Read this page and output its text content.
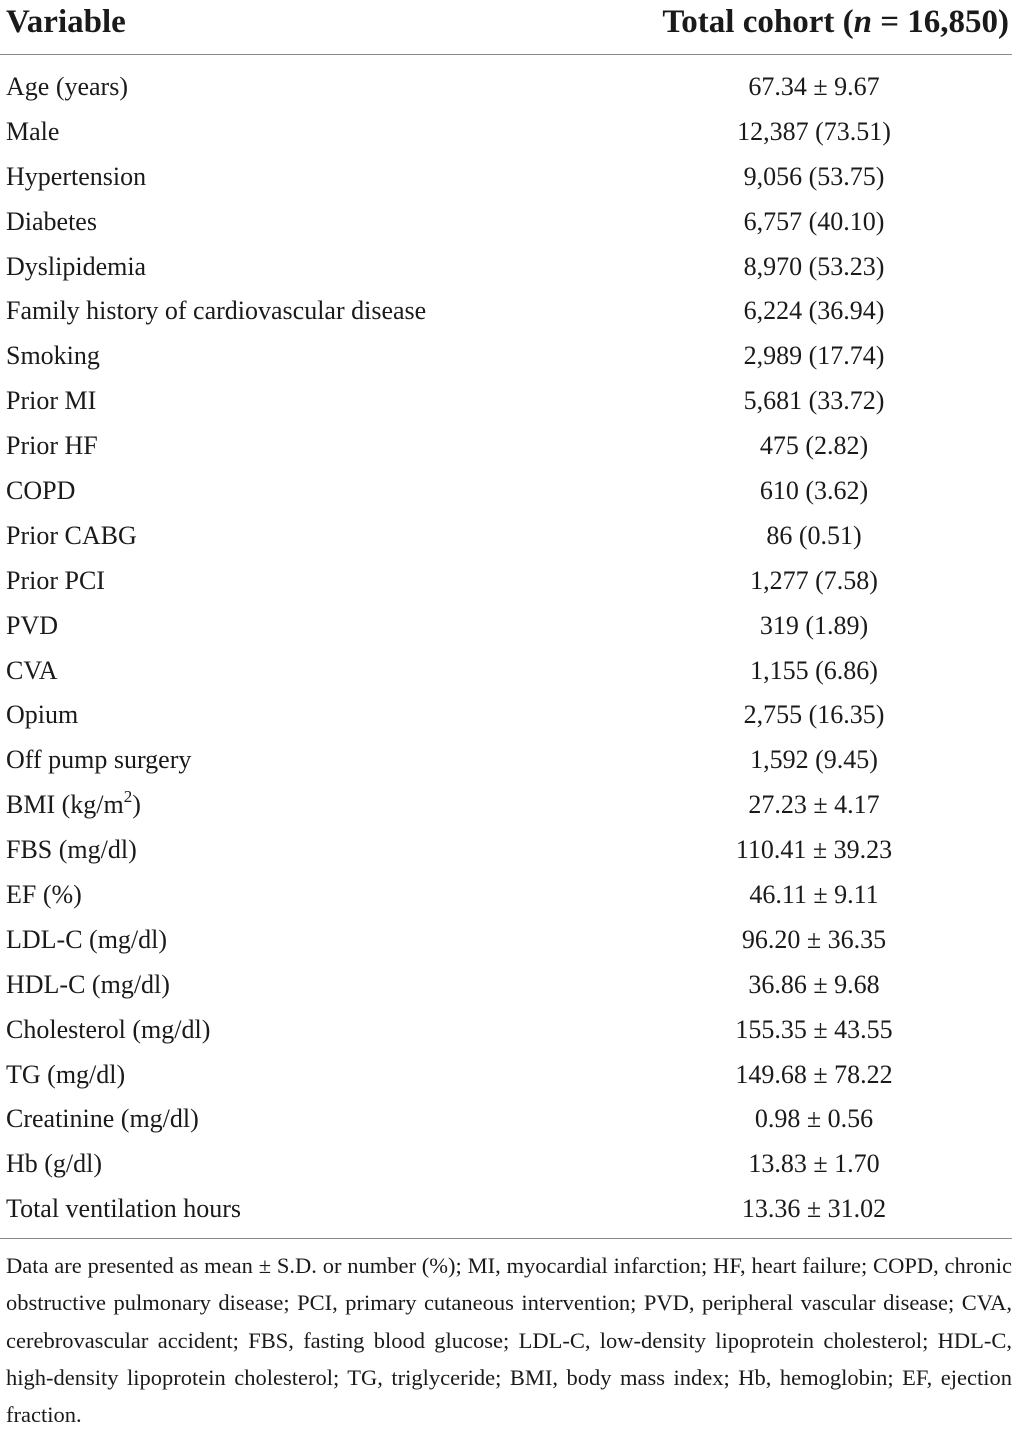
Variable	Total cohort (n = 16,850)
Age (years)	67.34 ± 9.67
Male	12,387 (73.51)
Hypertension	9,056 (53.75)
Diabetes	6,757 (40.10)
Dyslipidemia	8,970 (53.23)
Family history of cardiovascular disease	6,224 (36.94)
Smoking	2,989 (17.74)
Prior MI	5,681 (33.72)
Prior HF	475 (2.82)
COPD	610 (3.62)
Prior CABG	86 (0.51)
Prior PCI	1,277 (7.58)
PVD	319 (1.89)
CVA	1,155 (6.86)
Opium	2,755 (16.35)
Off pump surgery	1,592 (9.45)
BMI $(kg/m^2)$	27.23 ± 4.17
FBS (mg/dl)	110.41 ± 39.23
EF (%)	46.11 ± 9.11
LDL-C (mg/dl)	96.20 ± 36.35
HDL-C (mg/dl)	36.86 ± 9.68
Cholesterol (mg/dl)	155.35 ± 43.55
TG (mg/dl)	149.68 ± 78.22
Creatinine (mg/dl)	0.98 ± 0.56
Hb (g/dl)	13.83 ± 1.70
Total ventilation hours	13.36 ± 31.02
Data are presented as mean ± S.D. or number (%); MI, myocardial infarction; HF, heart failure; COPD, chronic obstructive pulmonary disease; PCI, primary cutaneous intervention; PVD, peripheral vascular disease; CVA, cerebrovascular accident; FBS, fasting blood glucose; LDL-C, low-density lipoprotein cholesterol; HDL-C, high-density lipoprotein cholesterol; TG, triglyceride; BMI, body mass index; Hb, hemoglobin; EF, ejection fraction.
